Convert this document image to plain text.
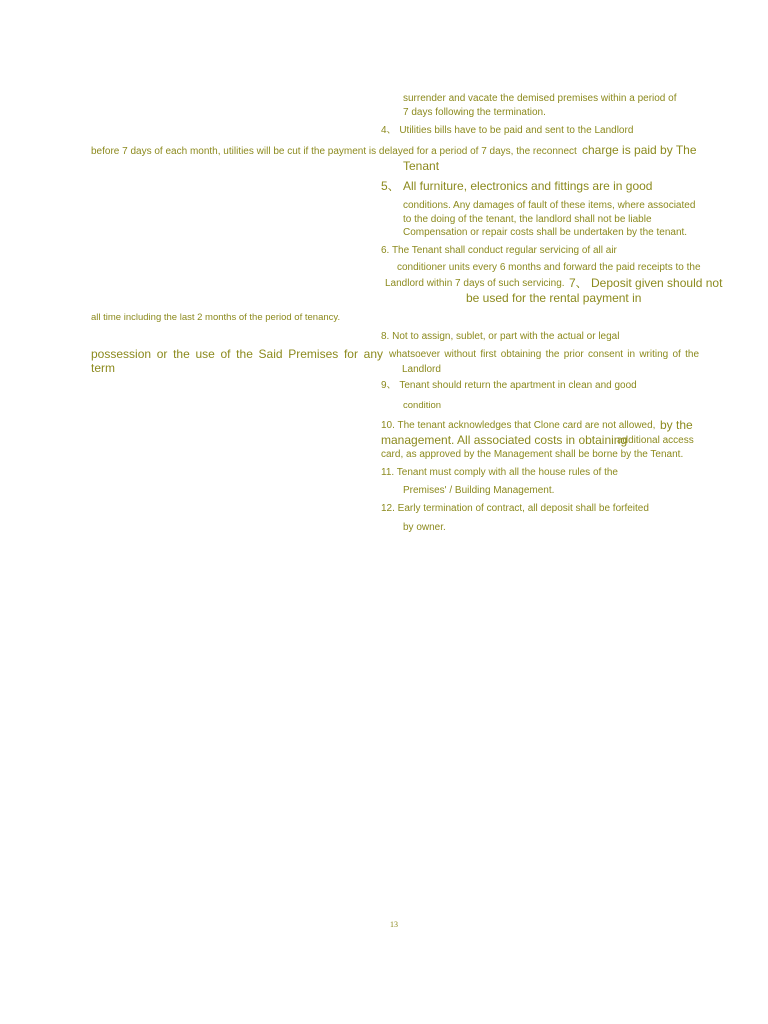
surrender and vacate the demised premises within a period of
7 days following the termination.
4、 Utilities bills have to be paid and sent to the Landlord
before 7 days of each month, utilities will be cut if the payment is delayed for a period of 7 days, the reconnect charge is paid by The
Tenant
5、 All furniture, electronics and fittings are in good
conditions. Any damages of fault of these items, where associated
to the doing of the tenant, the landlord shall not be liable
Compensation or repair costs shall be undertaken by the tenant.
6. The Tenant shall conduct regular servicing of all air
conditioner units every 6 months and forward the paid receipts to the
Landlord within 7 days of such servicing. 7、 Deposit given should not
be used for the rental payment in
all time including the last 2 months of the period of tenancy.
8. Not to assign, sublet, or part with the actual or legal
possession or the use of the Said Premises for any term
whatsoever without first obtaining the prior consent in writing of the
Landlord
9、 Tenant should return the apartment in clean and good
condition
10. The tenant acknowledges that Clone card are not allowed, by the
management. All associated costs in obtaining
additional access
card, as approved by the Management shall be borne by the Tenant.
11. Tenant must comply with all the house rules of the
Premises' / Building Management.
12. Early termination of contract, all deposit shall be forfeited
by owner.
13
